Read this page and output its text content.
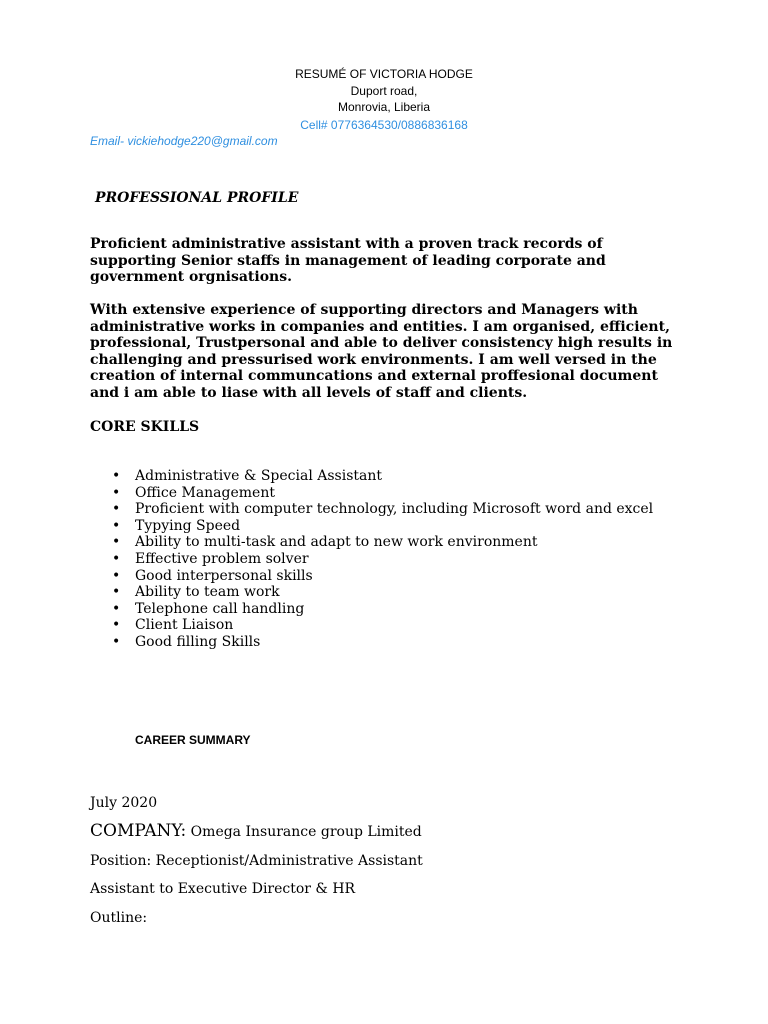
RESUMÉ OF VICTORIA HODGE
Duport road,
Monrovia, Liberia
Cell# 0776364530/0886836168
Email- vickiehodge220@gmail.com
PROFESSIONAL PROFILE
Proficient administrative assistant with a proven track records of
supporting Senior staffs in management of leading corporate and
government orgnisations.
With extensive experience of supporting directors and Managers with
administrative works in companies and entities. I am organised, efficient,
professional, Trustpersonal and able to deliver consistency high results in
challenging and pressurised work environments. I am well versed in the
creation of internal communcations and external proffesional document
and i am able to liase with all levels of staff and clients.
CORE SKILLS
• Administrative & Special Assistant
• Office Management
• Proficient with computer technology, including Microsoft word and excel
• Typying Speed
• Ability to multi-task and adapt to new work environment
• Effective problem solver
• Good interpersonal skills
• Ability to team work
• Telephone call handling
• Client Liaison
• Good filling Skills
CAREER SUMMARY
July 2020
COMPANY: Omega Insurance group Limited
Position: Receptionist/Administrative Assistant
Assistant to Executive Director & HR
Outline:
